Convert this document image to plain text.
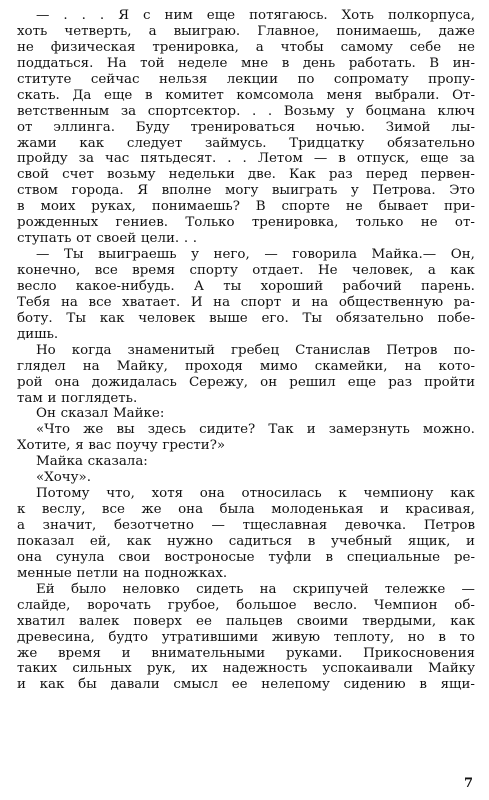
— . . . Я с ним еще потягаюсь. Хоть полкорпуса,
хоть четверть, а выиграю. Главное, понимаешь, даже
не физическая тренировка, а чтобы самому себе не
поддаться. На той неделе мне в день работать. В ин-
ституте сейчас нельзя лекции по сопромату пропу-
скать. Да еще в комитет комсомола меня выбрали. От-
ветственным за спортсектор. . . Возьму у боцмана ключ
от эллинга. Буду тренироваться ночью. Зимой лы-
жами как следует займусь. Тридцатку обязательно
пройду за час пятьдесят. . . Летом — в отпуск, еще за
свой счет возьму недельки две. Как раз перед первен-
ством города. Я вполне могу выиграть у Петрова. Это
в моих руках, понимаешь? В спорте не бывает при-
рожденных гениев. Только тренировка, только не от-
ступать от своей цели. . .
— Ты выиграешь у него, — говорила Майка.— Он,
конечно, все время спорту отдает. Не человек, а как
весло какое-нибудь. А ты хороший рабочий парень.
Тебя на все хватает. И на спорт и на общественную ра-
боту. Ты как человек выше его. Ты обязательно побе-
дишь.
Но когда знаменитый гребец Станислав Петров по-
глядел на Майку, проходя мимо скамейки, на кото-
рой она дожидалась Сережу, он решил еще раз пройти
там и поглядеть.
Он сказал Майке:
«Что же вы здесь сидите? Так и замерзнуть можно.
Хотите, я вас поучу грести?»
Майка сказала:
«Хочу».
Потому что, хотя она относилась к чемпиону как
к веслу, все же она была молоденькая и красивая,
а значит, безотчетно — тщеславная девочка. Петров
показал ей, как нужно садиться в учебный ящик, и
она сунула свои востроносые туфли в специальные ре-
менные петли на подножках.
Ей было неловко сидеть на скрипучей тележке —
слайде, ворочать грубое, большое весло. Чемпион об-
хватил валек поверх ее пальцев своими твердыми, как
древесина, будто утратившими живую теплоту, но в то
же время и внимательными руками. Прикосновения
таких сильных рук, их надежность успокаивали Майку
и как бы давали смысл ее нелепому сидению в ящи-
7
